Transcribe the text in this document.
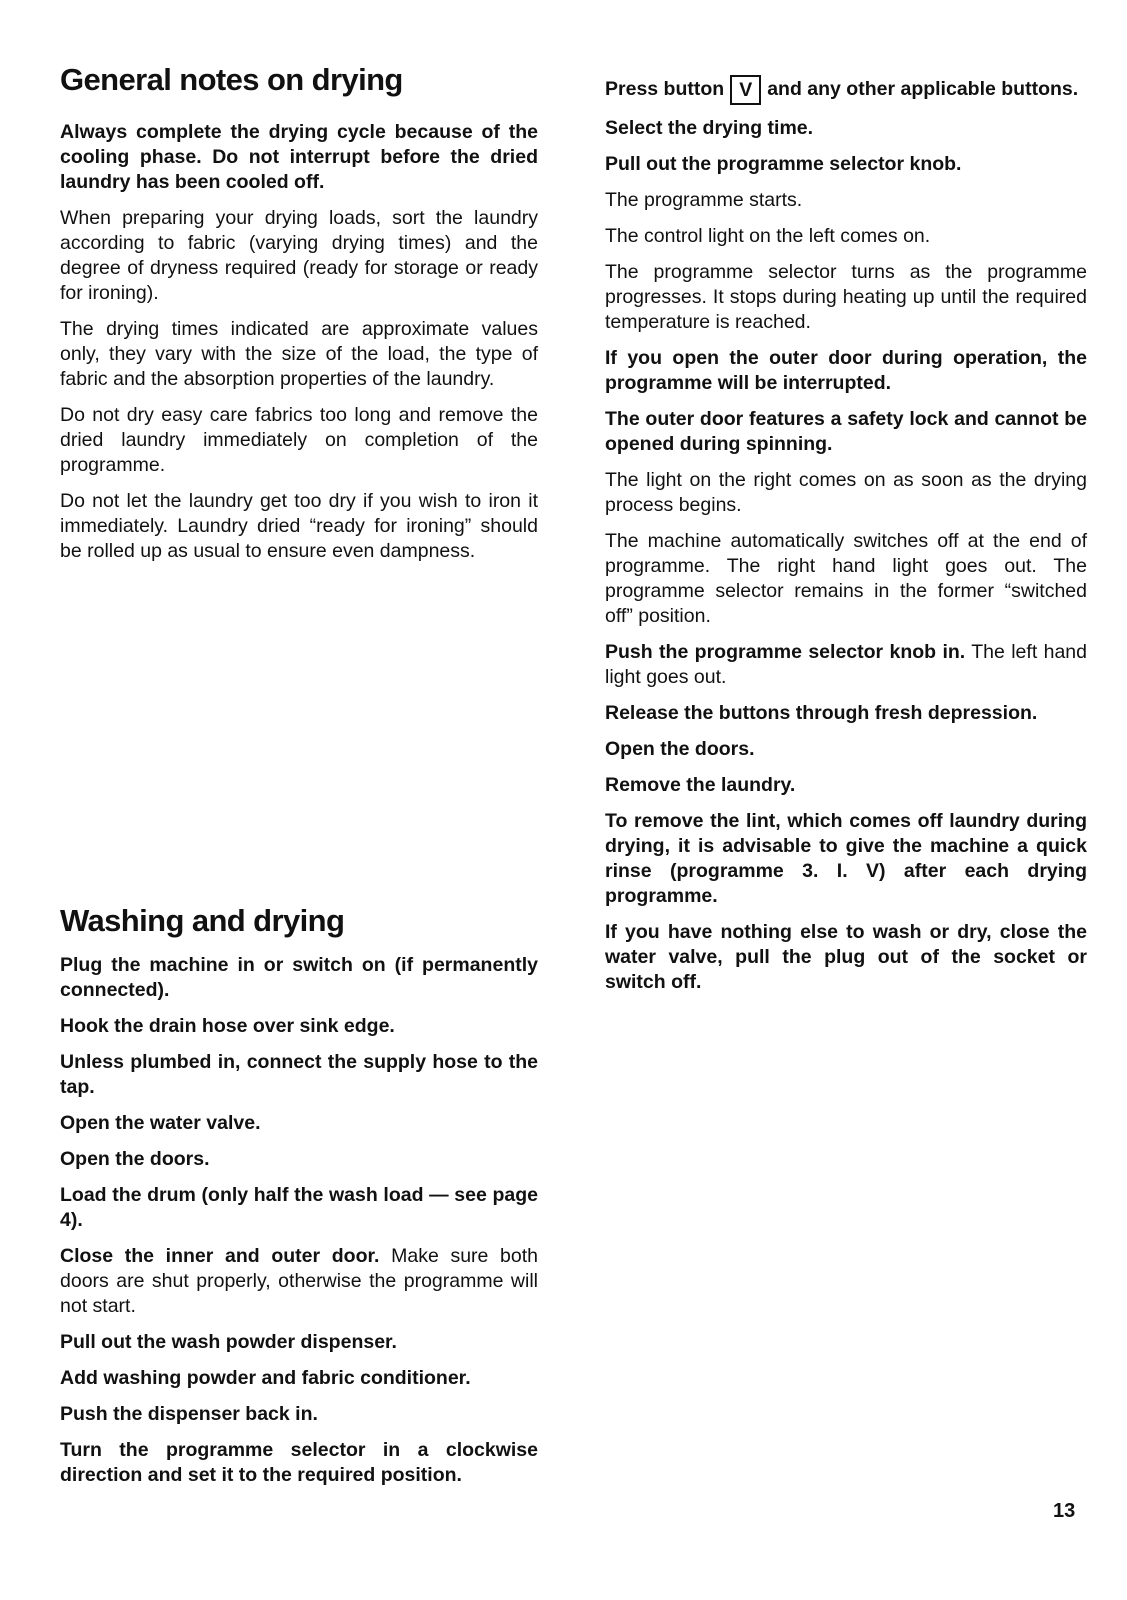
General notes on drying

Always complete the drying cycle because of the cooling phase. Do not interrupt before the dried laundry has been cooled off.

When preparing your drying loads, sort the laundry according to fabric (varying drying times) and the degree of dryness required (ready for storage or ready for ironing).

The drying times indicated are approximate values only, they vary with the size of the load, the type of fabric and the absorption properties of the laundry.

Do not dry easy care fabrics too long and remove the dried laundry immediately on completion of the programme.

Do not let the laundry get too dry if you wish to iron it immediately. Laundry dried “ready for ironing” should be rolled up as usual to ensure even dampness.

Washing and drying

Plug the machine in or switch on (if permanently connected).

Hook the drain hose over sink edge.

Unless plumbed in, connect the supply hose to the tap.

Open the water valve.

Open the doors.

Load the drum (only half the wash load — see page 4).

Close the inner and outer door. Make sure both doors are shut properly, otherwise the programme will not start.

Pull out the wash powder dispenser.

Add washing powder and fabric conditioner.

Push the dispenser back in.

Turn the programme selector in a clockwise direction and set it to the required position.

Press button V and any other applicable buttons.

Select the drying time.

Pull out the programme selector knob.

The programme starts.

The control light on the left comes on.

The programme selector turns as the programme progresses. It stops during heating up until the required temperature is reached.

If you open the outer door during operation, the programme will be interrupted.

The outer door features a safety lock and cannot be opened during spinning.

The light on the right comes on as soon as the drying process begins.

The machine automatically switches off at the end of programme. The right hand light goes out. The programme selector remains in the former “switched off” position.

Push the programme selector knob in. The left hand light goes out.

Release the buttons through fresh depression.

Open the doors.

Remove the laundry.

To remove the lint, which comes off laundry during drying, it is advisable to give the machine a quick rinse (programme 3. I. V) after each drying programme.

If you have nothing else to wash or dry, close the water valve, pull the plug out of the socket or switch off.

13
